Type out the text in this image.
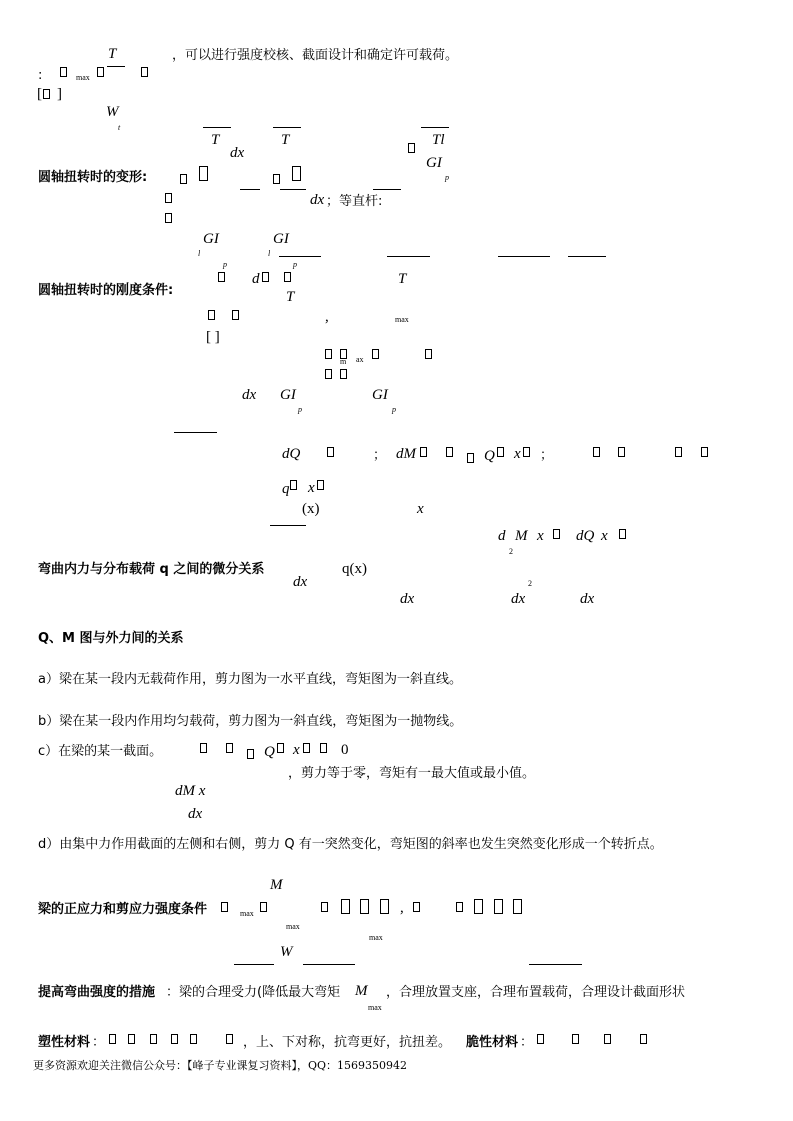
T	，可以进行强度校核、截面设计和确定许可载荷。
:	max
[ ]
W
t
T	T	Tl
dx
GI
p
圆轴扭转时的变形:
dx ；等直杆:
GI	GI
l	l
p	p
圆轴扭转时的刚度条件:
d	T
T
,	max
[ ]
m ax
dx GI	GI
p	p
dQ	； dM	Q x ；
q x
(x)	x
d M x dQ x
2
弯曲内力与分布载荷 q 之间的微分关系	q(x)
dx	2
dx	dx	dx
Q、M 图与外力间的关系
a）梁在某一段内无载荷作用，剪力图为一水平直线，弯矩图为一斜直线。
b）梁在某一段内作用均匀载荷，剪力图为一斜直线，弯矩图为一抛物线。
c）在梁的某一截面。	Q x	0
，剪力等于零，弯矩有一最大值或最小值。
dM x
dx
d）由集中力作用截面的左侧和右侧，剪力 Q 有一突然变化，弯矩图的斜率也发生突然变化形成一个转折点。
M
梁的正应力和剪应力强度条件	max	,
max
max
W
提高弯曲强度的措施 ：梁的合理受力(降低最大弯矩 M ，合理放置支座，合理布置载荷，合理设计截面形状
max
塑性材料 ：	，上、下对称，抗弯更好，抗扭差。 脆性材料 ：
更多资源欢迎关注微信公众号：【峰子专业课复习资料】，QQ：1569350942
